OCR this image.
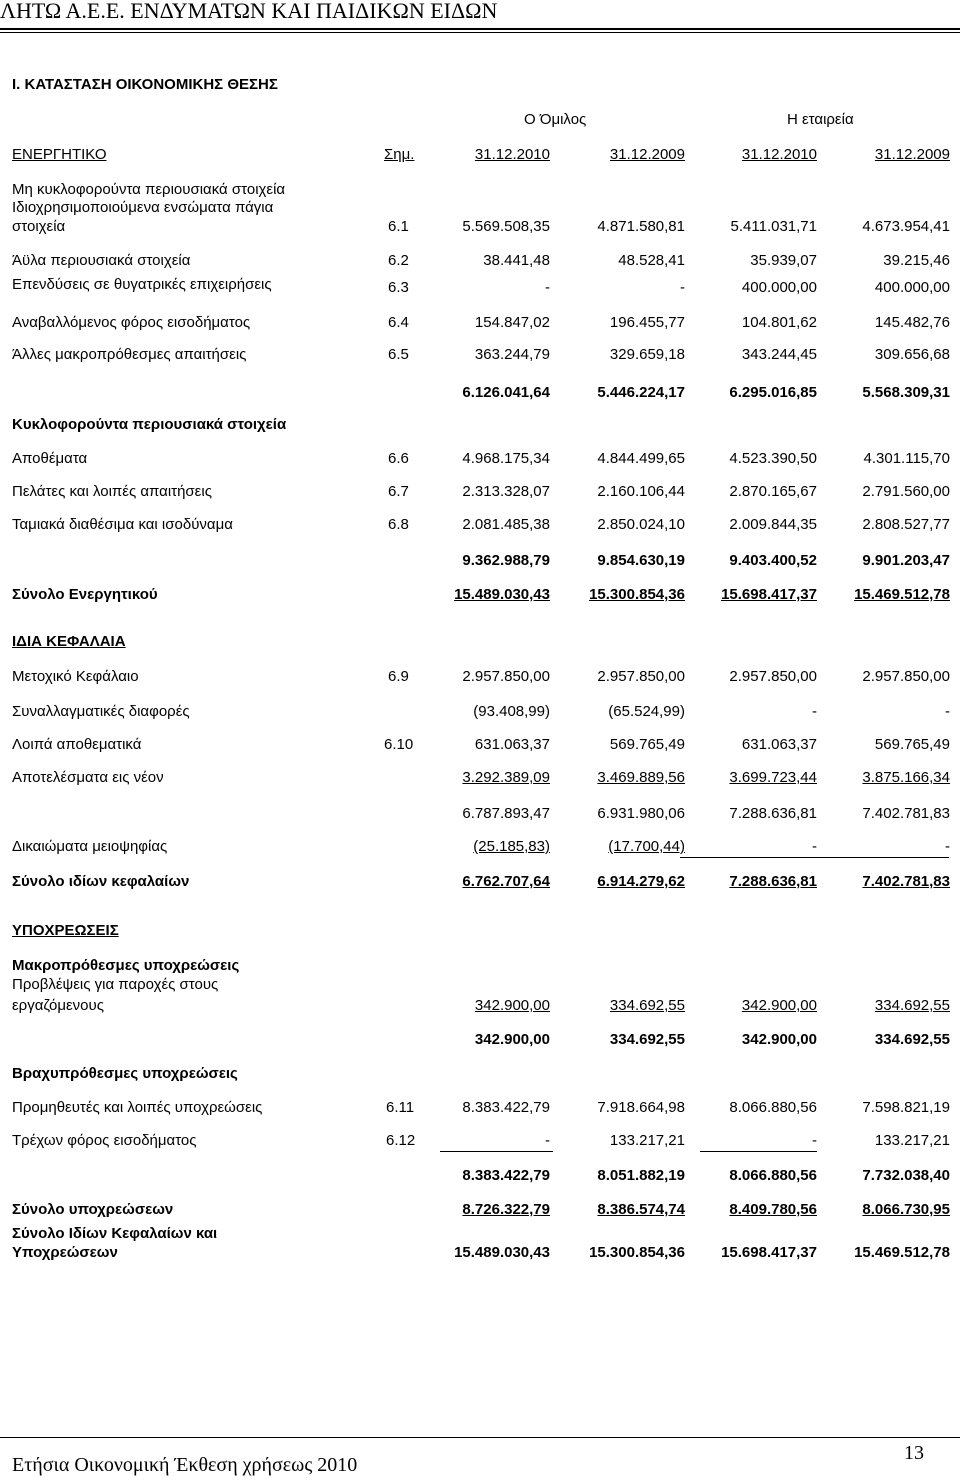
ΛΗΤΩ Α.Ε.Ε. ΕΝΔΥΜΑΤΩΝ ΚΑΙ ΠΑΙΔΙΚΩΝ ΕΙΔΩΝ
Ι. ΚΑΤΑΣΤΑΣΗ ΟΙΚΟΝΟΜΙΚΗΣ ΘΕΣΗΣ
Ο Όμιλος	Η εταιρεία
ΕΝΕΡΓΗΤΙΚΟ	Σημ.	31.12.2010	31.12.2009	31.12.2010	31.12.2009
Μη κυκλοφορούντα περιουσιακά στοιχεία
Ιδιοχρησιμοποιούμενα ενσώματα πάγια
στοιχεία	6.1	5.569.508,35	4.871.580,81	5.411.031,71	4.673.954,41
Άϋλα περιουσιακά στοιχεία	6.2	38.441,48	48.528,41	35.939,07	39.215,46
Επενδύσεις σε θυγατρικές επιχειρήσεις	6.3	-	-	400.000,00	400.000,00
Αναβαλλόμενος φόρος εισοδήματος	6.4	154.847,02	196.455,77	104.801,62	145.482,76
Άλλες μακροπρόθεσμες απαιτήσεις	6.5	363.244,79	329.659,18	343.244,45	309.656,68
6.126.041,64	5.446.224,17	6.295.016,85	5.568.309,31
Κυκλοφορούντα περιουσιακά στοιχεία
Αποθέματα	6.6	4.968.175,34	4.844.499,65	4.523.390,50	4.301.115,70
Πελάτες και λοιπές απαιτήσεις	6.7	2.313.328,07	2.160.106,44	2.870.165,67	2.791.560,00
Ταμιακά διαθέσιμα και ισοδύναμα	6.8	2.081.485,38	2.850.024,10	2.009.844,35	2.808.527,77
9.362.988,79	9.854.630,19	9.403.400,52	9.901.203,47
Σύνολο Ενεργητικού	15.489.030,43	15.300.854,36 15.698.417,37 15.469.512,78
ΙΔΙΑ ΚΕΦΑΛΑΙΑ
Μετοχικό Κεφάλαιο	6.9	2.957.850,00	2.957.850,00	2.957.850,00	2.957.850,00
Συναλλαγματικές διαφορές	(93.408,99)	(65.524,99)	-	-
Λοιπά αποθεματικά	6.10	631.063,37	569.765,49	631.063,37	569.765,49
Αποτελέσματα εις νέον	3.292.389,09	3.469.889,56	3.699.723,44	3.875.166,34
6.787.893,47	6.931.980,06	7.288.636,81	7.402.781,83
Δικαιώματα μειοψηφίας	(25.185,83)	(17.700,44)	-	-
Σύνολο ιδίων κεφαλαίων	6.762.707,64	6.914.279,62	7.288.636,81	7.402.781,83
ΥΠΟΧΡΕΩΣΕΙΣ
Μακροπρόθεσμες υποχρεώσεις
Προβλέψεις για παροχές στους
εργαζόμενους	342.900,00	334.692,55	342.900,00	334.692,55
342.900,00	334.692,55	342.900,00	334.692,55
Βραχυπρόθεσμες υποχρεώσεις
Προμηθευτές και λοιπές υποχρεώσεις	6.11	8.383.422,79	7.918.664,98	8.066.880,56	7.598.821,19
Τρέχων φόρος εισοδήματος	6.12	-	133.217,21	-	133.217,21
8.383.422,79	8.051.882,19	8.066.880,56	7.732.038,40
Σύνολο υποχρεώσεων	8.726.322,79	8.386.574,74	8.409.780,56	8.066.730,95
Σύνολο Ιδίων Κεφαλαίων και
Υποχρεώσεων	15.489.030,43	15.300.854,36 15.698.417,37 15.469.512,78
Ετήσια Οικονομική Έκθεση χρήσεως 2010
13
